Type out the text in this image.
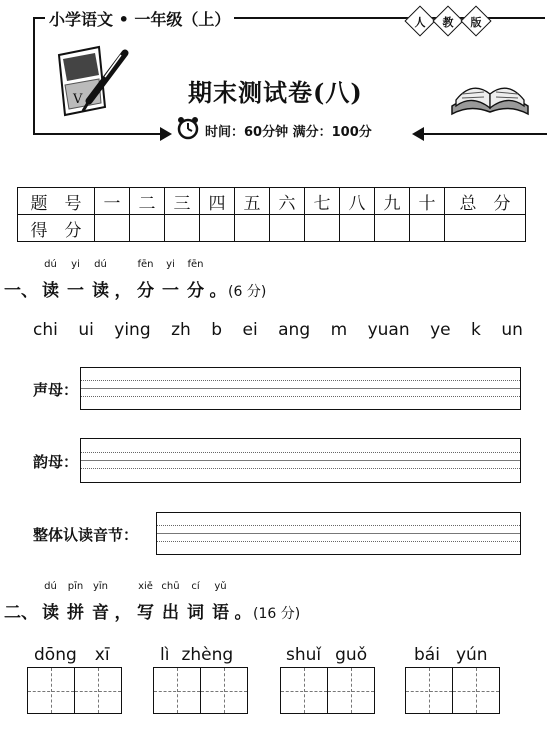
小学语文 • 一年级（上）	人	教	版
V	期末测试卷(八)
时间：60分钟 满分：100分
题　号	一	二	三	四	五	六	七	八	九	十	总　分
得　分											
一、
dú
读
yi
一
dú
读 ，
fēn
分
yi
一
fēn
分 。 (6 分)
chi ui ying zh b ei ang m yuan ye k un
声母：
韵母：
整体认读音节：
二、
dú
读
pīn
拼
yīn
音 ，
xiě
写
chū
出
cí
词
yǔ
语 。 (16 分)
dōng xī	lì zhèng	shuǐ guǒ	bái yún
